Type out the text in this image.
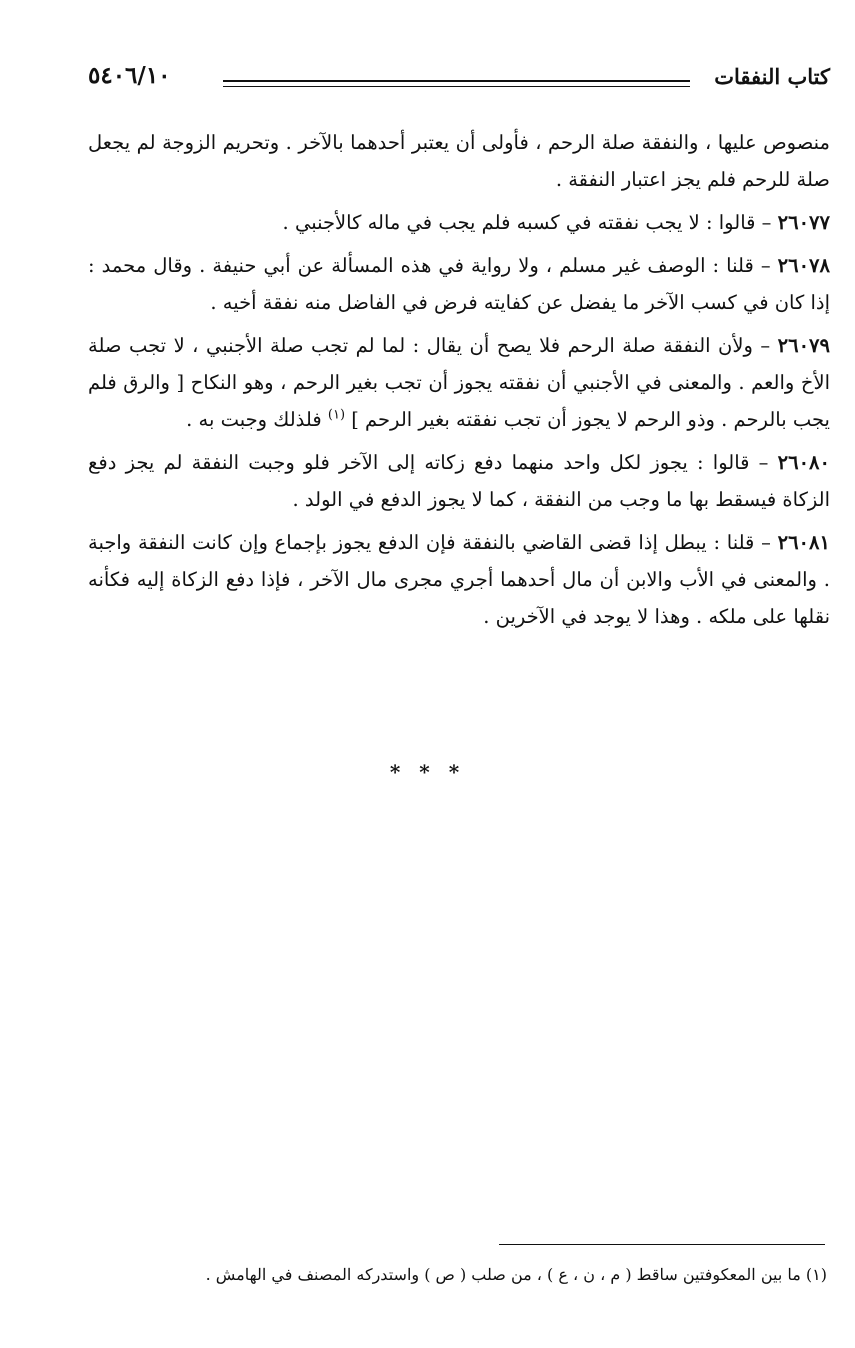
كتاب النفقات
٥٤٠٦/١٠

منصوص عليها ، والنفقة صلة الرحم ، فأولى أن يعتبر أحدهما بالآخر . وتحريم الزوجة لم يجعل صلة للرحم فلم يجز اعتبار النفقة .

٢٦٠٧٧ – قالوا : لا يجب نفقته في كسبه فلم يجب في ماله كالأجنبي .

٢٦٠٧٨ – قلنا : الوصف غير مسلم ، ولا رواية في هذه المسألة عن أبي حنيفة . وقال محمد : إذا كان في كسب الآخر ما يفضل عن كفايته فرض في الفاضل منه نفقة أخيه .

٢٦٠٧٩ – ولأن النفقة صلة الرحم فلا يصح أن يقال : لما لم تجب صلة الأجنبي ، لا تجب صلة الأخ والعم . والمعنى في الأجنبي أن نفقته يجوز أن تجب بغير الرحم ، وهو النكاح [ والرق فلم يجب بالرحم . وذو الرحم لا يجوز أن تجب نفقته بغير الرحم ] $^{(١)}$ فلذلك وجبت به .

٢٦٠٨٠ – قالوا : يجوز لكل واحد منهما دفع زكاته إلى الآخر فلو وجبت النفقة لم يجز دفع الزكاة فيسقط بها ما وجب من النفقة ، كما لا يجوز الدفع في الولد .

٢٦٠٨١ – قلنا : يبطل إذا قضى القاضي بالنفقة فإن الدفع يجوز بإجماع وإن كانت النفقة واجبة . والمعنى في الأب والابن أن مال أحدهما أجري مجرى مال الآخر ، فإذا دفع الزكاة إليه فكأنه نقلها على ملكه . وهذا لا يوجد في الآخرين .

* * *
(١) ما بين المعكوفتين ساقط ( م ، ن ، ع ) ، من صلب ( ص ) واستدركه المصنف في الهامش .
